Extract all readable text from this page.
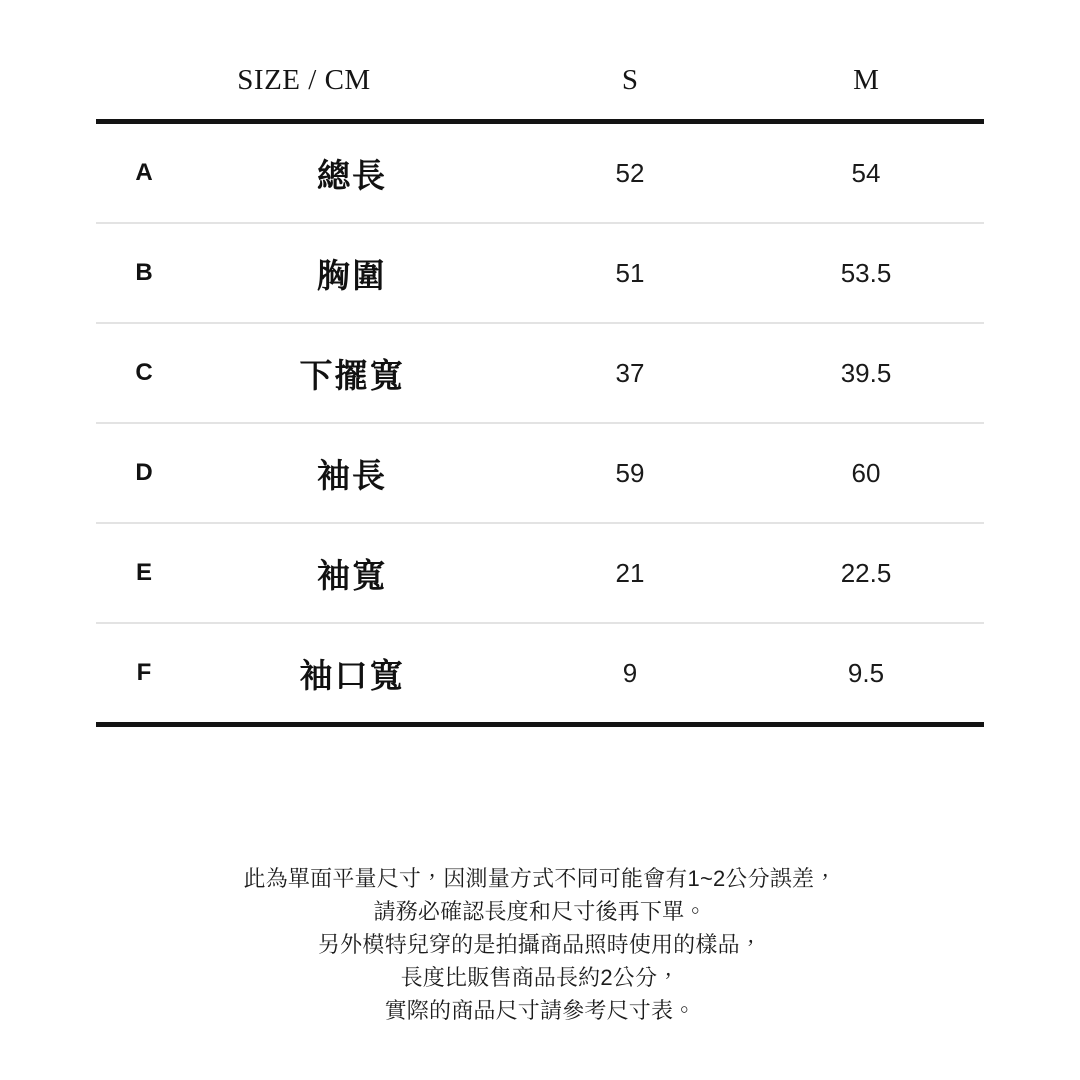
SIZE / CM		S	M
A	總長	52	54
B	胸圍	51	53.5
C	下擺寬	37	39.5
D	袖長	59	60
E	袖寬	21	22.5
F	袖口寬	9	9.5
此為單面平量尺寸，因測量方式不同可能會有1~2公分誤差，
請務必確認長度和尺寸後再下單。
另外模特兒穿的是拍攝商品照時使用的樣品，
長度比販售商品長約2公分，
實際的商品尺寸請參考尺寸表。
